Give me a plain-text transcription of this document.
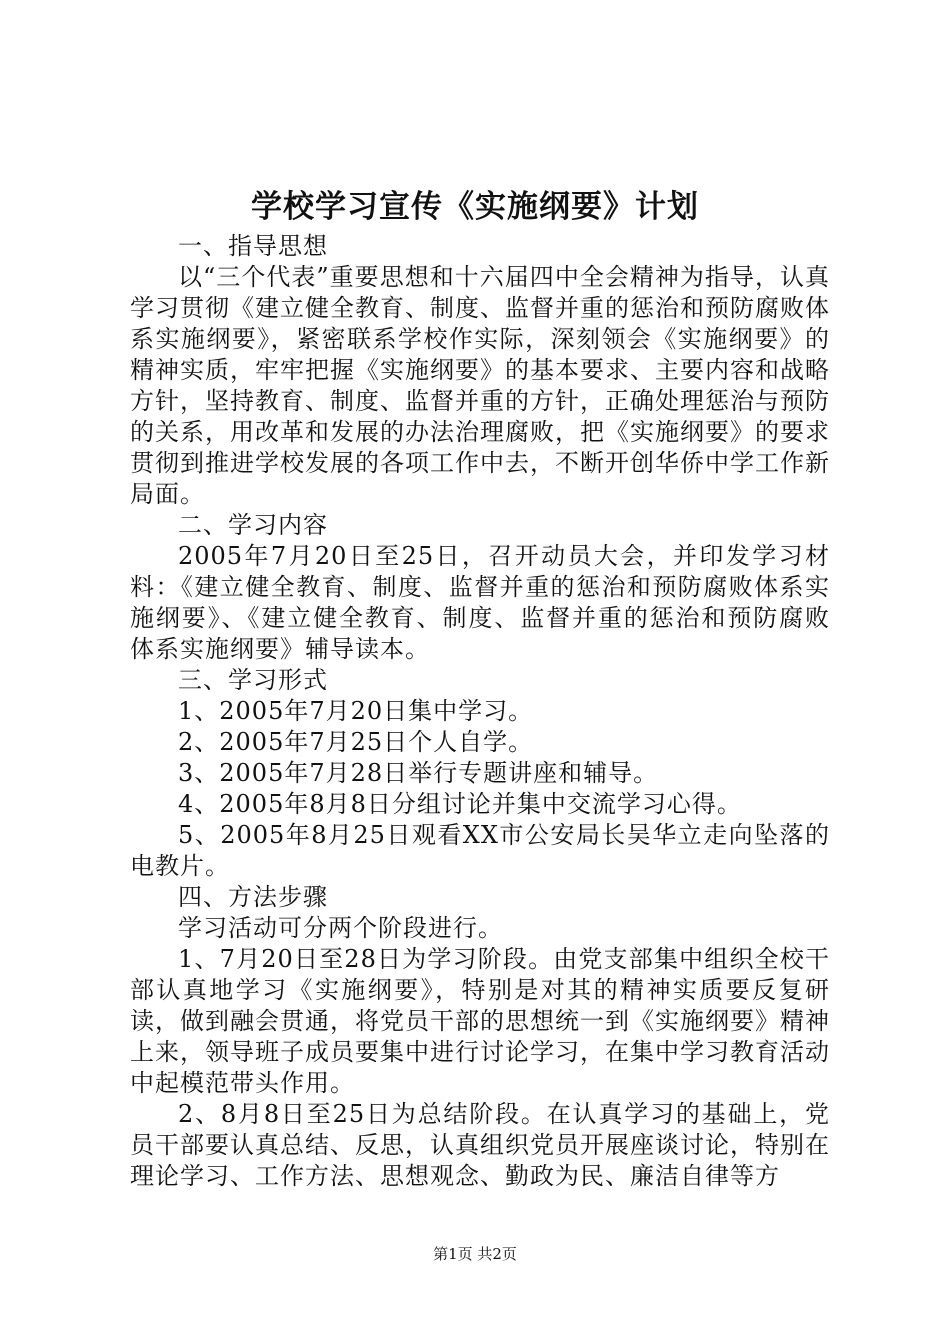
学校学习宣传《实施纲要》计划

一、指导思想

以“三个代表”重要思想和十六届四中全会精神为指导，认真学习贯彻《建立健全教育、制度、监督并重的惩治和预防腐败体系实施纲要》，紧密联系学校作实际，深刻领会《实施纲要》的精神实质，牢牢把握《实施纲要》的基本要求、主要内容和战略方针，坚持教育、制度、监督并重的方针，正确处理惩治与预防的关系，用改革和发展的办法治理腐败，把《实施纲要》的要求贯彻到推进学校发展的各项工作中去，不断开创华侨中学工作新局面。

二、学习内容

2005年7月20日至25日，召开动员大会，并印发学习材料：《建立健全教育、制度、监督并重的惩治和预防腐败体系实施纲要》、《建立健全教育、制度、监督并重的惩治和预防腐败体系实施纲要》辅导读本。

三、学习形式

1、2005年7月20日集中学习。

2、2005年7月25日个人自学。

3、2005年7月28日举行专题讲座和辅导。

4、2005年8月8日分组讨论并集中交流学习心得。

5、2005年8月25日观看XX市公安局长吴华立走向坠落的电教片。

四、方法步骤

学习活动可分两个阶段进行。

1、7月20日至28日为学习阶段。由党支部集中组织全校干部认真地学习《实施纲要》，特别是对其的精神实质要反复研读，做到融会贯通，将党员干部的思想统一到《实施纲要》精神上来，领导班子成员要集中进行讨论学习，在集中学习教育活动中起模范带头作用。

2、8月8日至25日为总结阶段。在认真学习的基础上，党员干部要认真总结、反思，认真组织党员开展座谈讨论，特别在理论学习、工作方法、思想观念、勤政为民、廉洁自律等方

第1页 共2页
